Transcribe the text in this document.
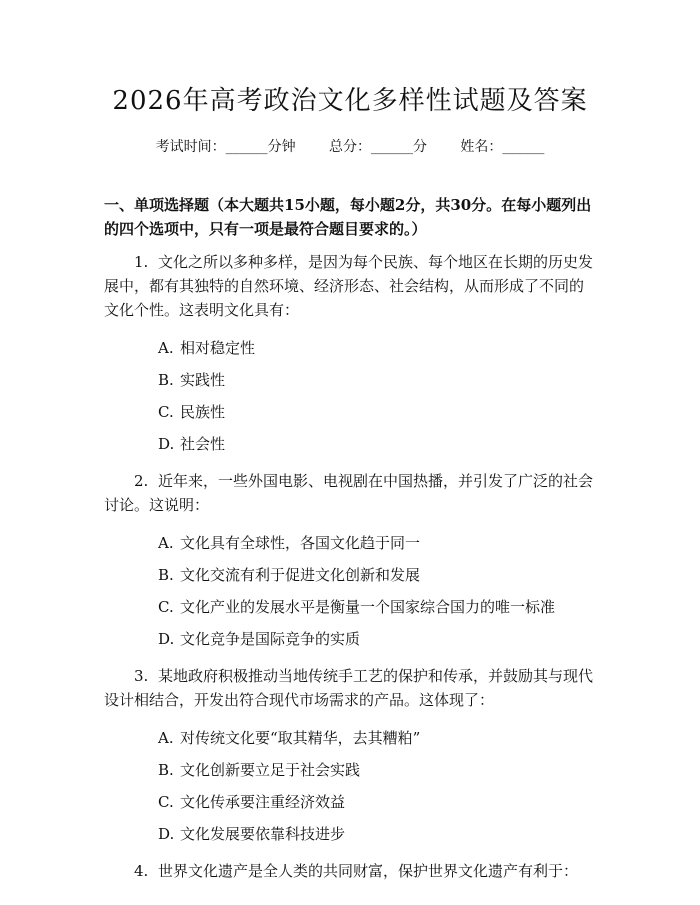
2026年高考政治文化多样性试题及答案
考试时间：______分钟 总分：______分 姓名：______
一、单项选择题（本大题共15小题，每小题2分，共30分。在每小题列出的四个选项中，只有一项是最符合题目要求的。）
1. 文化之所以多种多样，是因为每个民族、每个地区在长期的历史发展中，都有其独特的自然环境、经济形态、社会结构，从而形成了不同的文化个性。这表明文化具有：
A. 相对稳定性
B. 实践性
C. 民族性
D. 社会性
2. 近年来，一些外国电影、电视剧在中国热播，并引发了广泛的社会讨论。这说明：
A. 文化具有全球性，各国文化趋于同一
B. 文化交流有利于促进文化创新和发展
C. 文化产业的发展水平是衡量一个国家综合国力的唯一标准
D. 文化竞争是国际竞争的实质
3. 某地政府积极推动当地传统手工艺的保护和传承，并鼓励其与现代设计相结合，开发出符合现代市场需求的产品。这体现了：
A. 对传统文化要“取其精华，去其糟粕”
B. 文化创新要立足于社会实践
C. 文化传承要注重经济效益
D. 文化发展要依靠科技进步
4. 世界文化遗产是全人类的共同财富，保护世界文化遗产有利于：
